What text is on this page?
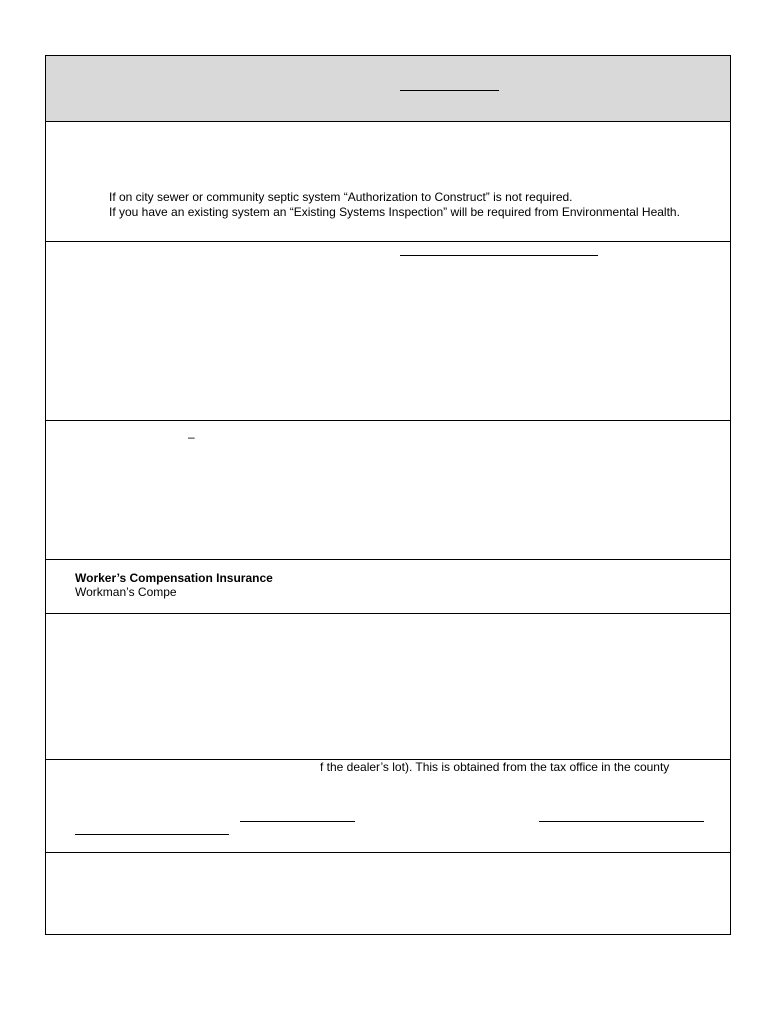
If on city sewer or community septic system “Authorization to Construct” is not required.
If you have an existing system an “Existing Systems Inspection” will be required from Environmental Health.
–
Worker’s Compensation Insurance
Workman’s Compe
f the dealer’s lot). This is obtained from the tax office in the county
